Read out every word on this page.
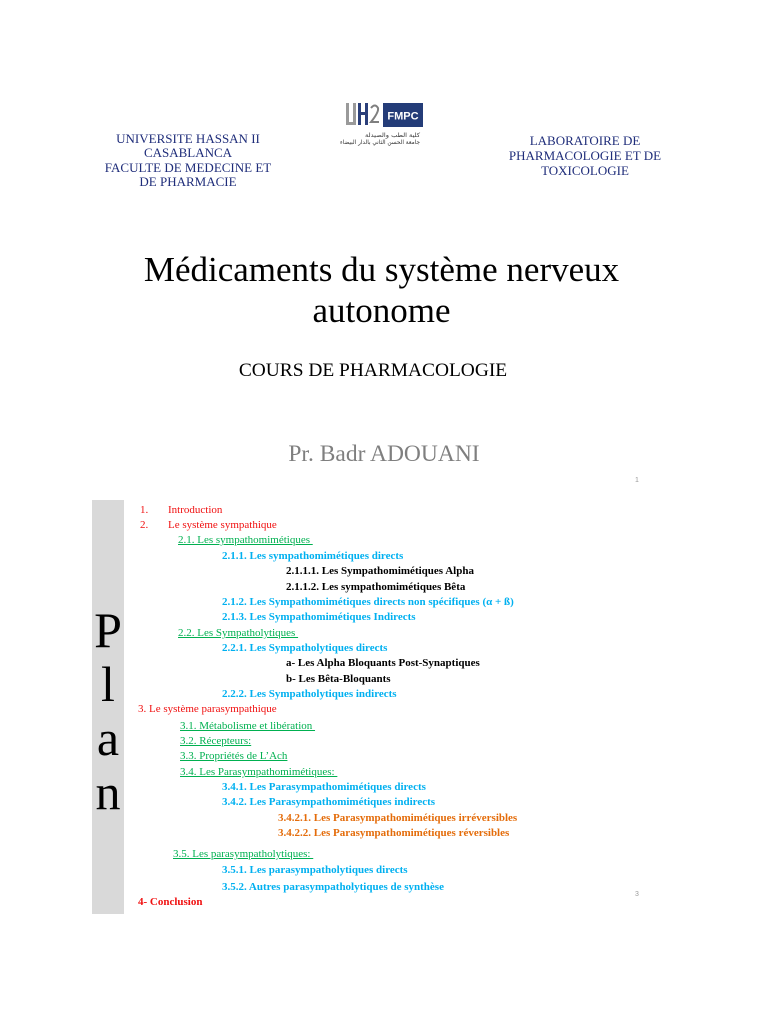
UNIVERSITE HASSAN II
CASABLANCA
FACULTE DE MEDECINE ET
DE PHARMACIE
FMPC
كلية الطب والصيدلة
جامعة الحسن الثاني بالدار البيضاء	LABORATOIRE DE
PHARMACOLOGIE ET DE
TOXICOLOGIE
Médicaments du système nerveux
autonome
COURS DE PHARMACOLOGIE
Pr. Badr ADOUANI
1
Plan
1. Introduction
2. Le système sympathique
2.1. Les sympathomimétiques
2.1.1. Les sympathomimétiques directs
2.1.1.1. Les Sympathomimétiques Alpha
2.1.1.2. Les sympathomimétiques Bêta
2.1.2. Les Sympathomimétiques directs non spécifiques (α + ß)
2.1.3. Les Sympathomimétiques Indirects
2.2. Les Sympatholytiques
2.2.1. Les Sympatholytiques directs
a- Les Alpha Bloquants Post-Synaptiques
b- Les Bêta-Bloquants
2.2.2. Les Sympatholytiques indirects
3. Le système parasympathique
3.1. Métabolisme et libération
3.2. Récepteurs:
3.3. Propriétés de L’Ach
3.4. Les Parasympathomimétiques:
3.4.1. Les Parasympathomimétiques directs
3.4.2. Les Parasympathomimétiques indirects
3.4.2.1. Les Parasympathomimétiques irréversibles
3.4.2.2. Les Parasympathomimétiques réversibles
3.5. Les parasympatholytiques:
3.5.1. Les parasympatholytiques directs
3.5.2. Autres parasympatholytiques de synthèse
4- Conclusion
3
